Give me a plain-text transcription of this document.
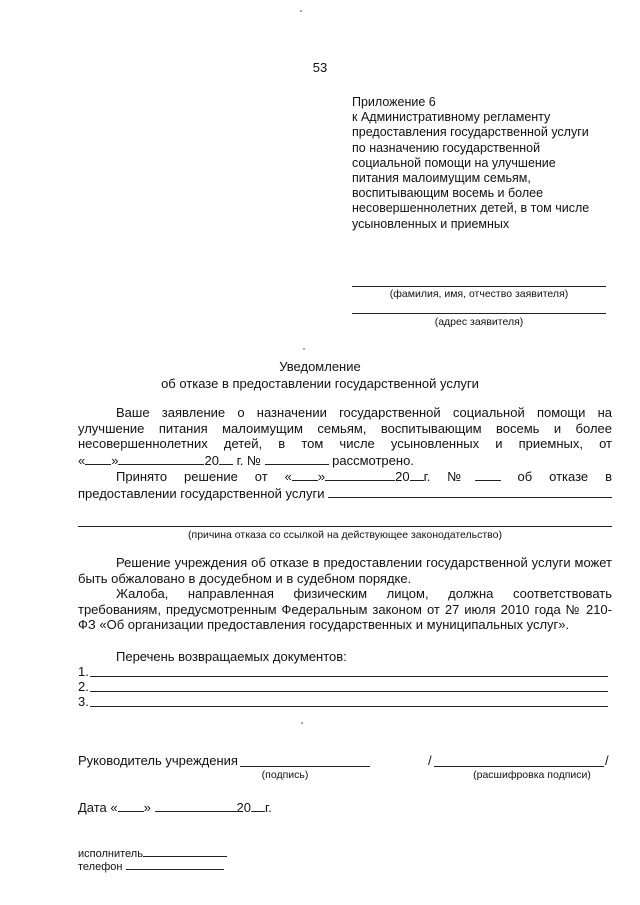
53
Приложение 6
к Административному регламенту
предоставления государственной услуги
по назначению государственной
социальной помощи на улучшение
питания малоимущим семьям,
воспитывающим восемь и более
несовершеннолетних детей, в том числе
усыновленных и приемных
(фамилия, имя, отчество заявителя)
(адрес заявителя)
Уведомление
об отказе в предоставлении государственной услуги

Ваше заявление о назначении государственной социальной помощи на улучшение питания малоимущим семьям, воспитывающим восемь и более несовершеннолетних детей, в том числе усыновленных и приемных, от

« »	20 г. №	рассмотрено.

Принято решение от « »	20 г. №	об отказе в

предоставлении государственной услуги

(причина отказа со ссылкой на действующее законодательство)

Решение учреждения об отказе в предоставлении государственной услуги может быть обжаловано в досудебном и в судебном порядке.

Жалоба, направленная физическим лицом, должна соответствовать требованиям, предусмотренным Федеральным законом от 27 июля 2010 года № 210-ФЗ «Об организации предоставления государственных и муниципальных услуг».

Перечень возвращаемых документов:
1.
2.
3.
Руководитель учреждения
(подпись)
/	/
(расшифровка подписи)
Дата « »	20 г.
исполнитель
телефон
